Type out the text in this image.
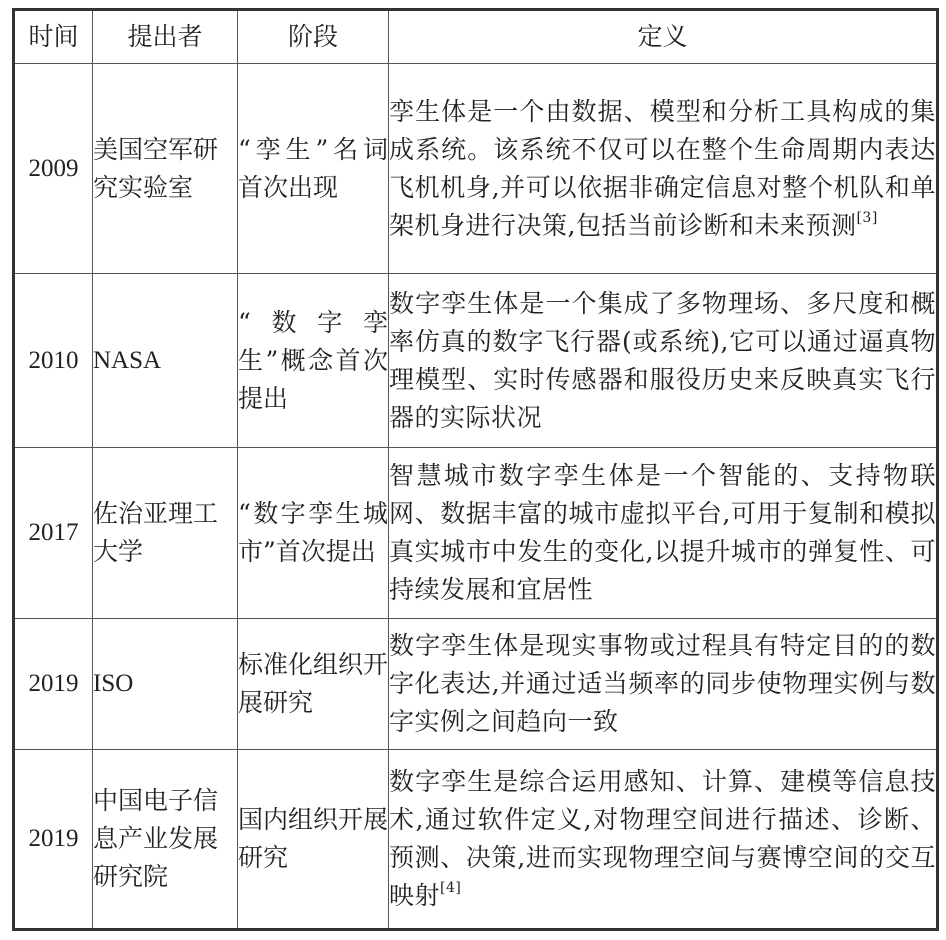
时间	提出者	阶段	定义
2009	美国空军研究实验室	“孪生”名词首次出现	孪生体是一个由数据、模型和分析工具构成的集成系统。该系统不仅可以在整个生命周期内表达飞机机身,并可以依据非确定信息对整个机队和单架机身进行决策,包括当前诊断和未来预测[3]
2010	NASA	“数字孪生”概念首次提出	数字孪生体是一个集成了多物理场、多尺度和概率仿真的数字飞行器(或系统),它可以通过逼真物理模型、实时传感器和服役历史来反映真实飞行器的实际状况
2017	佐治亚理工大学	“数字孪生城市”首次提出	智慧城市数字孪生体是一个智能的、支持物联网、数据丰富的城市虚拟平台,可用于复制和模拟真实城市中发生的变化,以提升城市的弹复性、可持续发展和宜居性
2019	ISO	标准化组织开展研究	数字孪生体是现实事物或过程具有特定目的的数字化表达,并通过适当频率的同步使物理实例与数字实例之间趋向一致
2019	中国电子信息产业发展研究院	国内组织开展研究	数字孪生是综合运用感知、计算、建模等信息技术,通过软件定义,对物理空间进行描述、诊断、预测、决策,进而实现物理空间与赛博空间的交互映射[4]
